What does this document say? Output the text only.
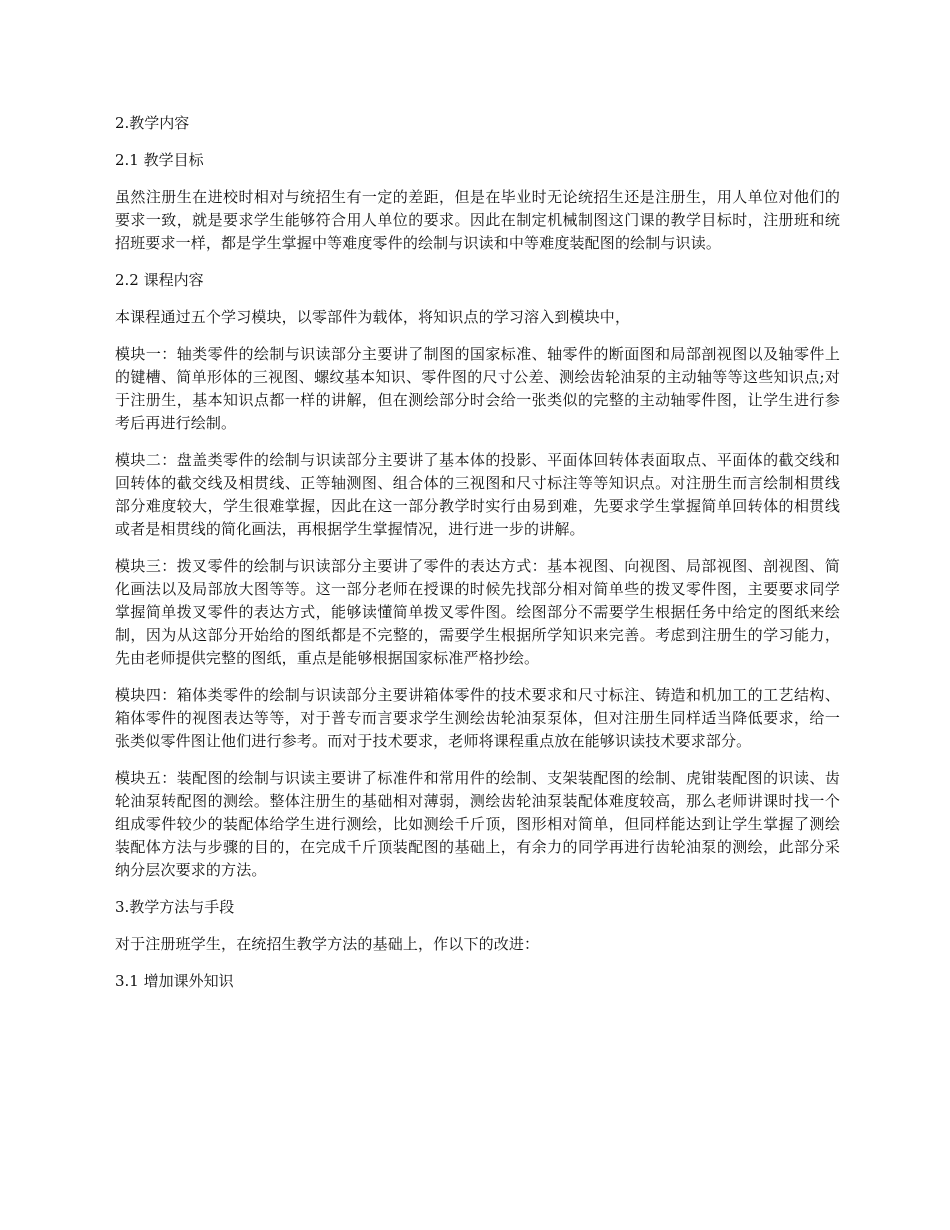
2.教学内容
2.1 教学目标

虽然注册生在进校时相对与统招生有一定的差距，但是在毕业时无论统招生还是注册生，用人单位对他们的要求一致，就是要求学生能够符合用人单位的要求。因此在制定机械制图这门课的教学目标时，注册班和统招班要求一样，都是学生掌握中等难度零件的绘制与识读和中等难度装配图的绘制与识读。

2.2 课程内容

本课程通过五个学习模块，以零部件为载体，将知识点的学习溶入到模块中，

模块一：轴类零件的绘制与识读部分主要讲了制图的国家标准、轴零件的断面图和局部剖视图以及轴零件上的键槽、简单形体的三视图、螺纹基本知识、零件图的尺寸公差、测绘齿轮油泵的主动轴等等这些知识点;对于注册生，基本知识点都一样的讲解，但在测绘部分时会给一张类似的完整的主动轴零件图，让学生进行参考后再进行绘制。

模块二：盘盖类零件的绘制与识读部分主要讲了基本体的投影、平面体回转体表面取点、平面体的截交线和回转体的截交线及相贯线、正等轴测图、组合体的三视图和尺寸标注等等知识点。对注册生而言绘制相贯线部分难度较大，学生很难掌握，因此在这一部分教学时实行由易到难，先要求学生掌握简单回转体的相贯线或者是相贯线的简化画法，再根据学生掌握情况，进行进一步的讲解。

模块三：拨叉零件的绘制与识读部分主要讲了零件的表达方式：基本视图、向视图、局部视图、剖视图、简化画法以及局部放大图等等。这一部分老师在授课的时候先找部分相对简单些的拨叉零件图，主要要求同学掌握简单拨叉零件的表达方式，能够读懂简单拨叉零件图。绘图部分不需要学生根据任务中给定的图纸来绘制，因为从这部分开始给的图纸都是不完整的，需要学生根据所学知识来完善。考虑到注册生的学习能力，先由老师提供完整的图纸，重点是能够根据国家标准严格抄绘。

模块四：箱体类零件的绘制与识读部分主要讲箱体零件的技术要求和尺寸标注、铸造和机加工的工艺结构、箱体零件的视图表达等等，对于普专而言要求学生测绘齿轮油泵泵体，但对注册生同样适当降低要求，给一张类似零件图让他们进行参考。而对于技术要求，老师将课程重点放在能够识读技术要求部分。

模块五：装配图的绘制与识读主要讲了标准件和常用件的绘制、支架装配图的绘制、虎钳装配图的识读、齿轮油泵转配图的测绘。整体注册生的基础相对薄弱，测绘齿轮油泵装配体难度较高，那么老师讲课时找一个组成零件较少的装配体给学生进行测绘，比如测绘千斤顶，图形相对简单，但同样能达到让学生掌握了测绘装配体方法与步骤的目的，在完成千斤顶装配图的基础上，有余力的同学再进行齿轮油泵的测绘，此部分采纳分层次要求的方法。

3.教学方法与手段

对于注册班学生，在统招生教学方法的基础上，作以下的改进：

3.1 增加课外知识
